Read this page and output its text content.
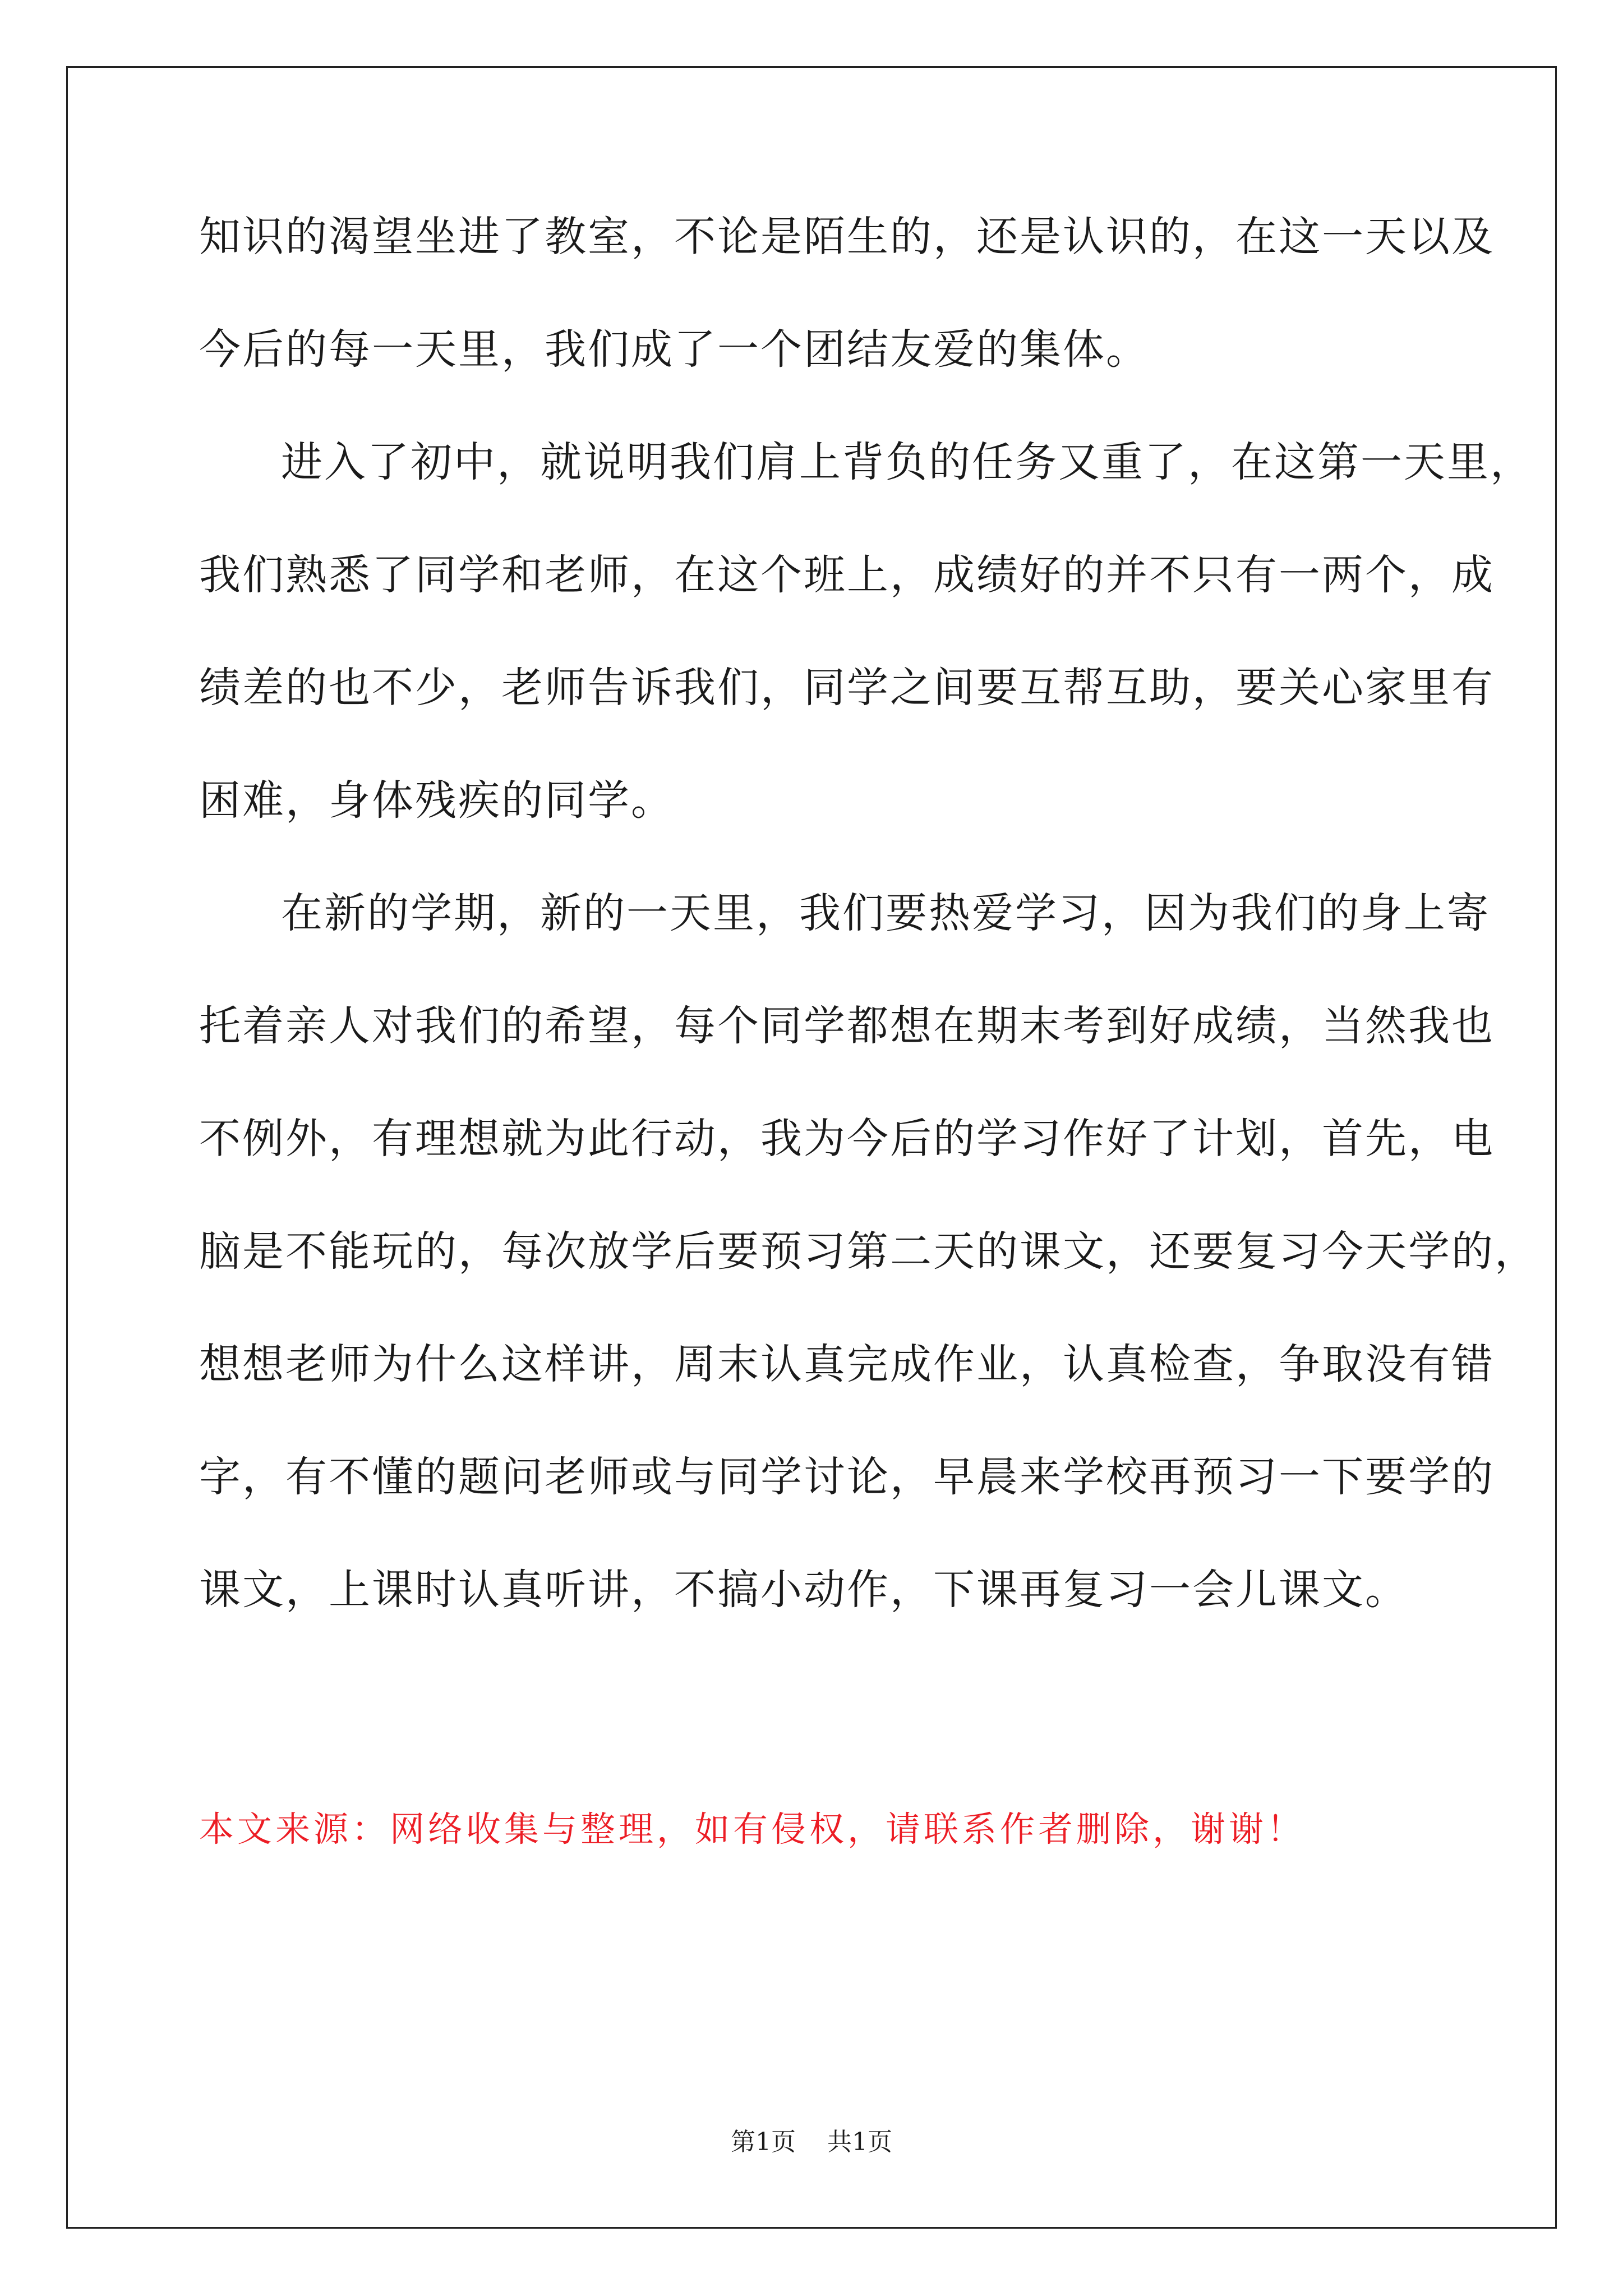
知识的渴望坐进了教室，不论是陌生的，还是认识的，在这一天以及
今后的每一天里，我们成了一个团结友爱的集体。
进入了初中，就说明我们肩上背负的任务又重了，在这第一天里，
我们熟悉了同学和老师，在这个班上，成绩好的并不只有一两个，成
绩差的也不少，老师告诉我们，同学之间要互帮互助，要关心家里有
困难，身体残疾的同学。
在新的学期，新的一天里，我们要热爱学习，因为我们的身上寄
托着亲人对我们的希望，每个同学都想在期末考到好成绩，当然我也
不例外，有理想就为此行动，我为今后的学习作好了计划，首先，电
脑是不能玩的，每次放学后要预习第二天的课文，还要复习今天学的，
想想老师为什么这样讲，周末认真完成作业，认真检查，争取没有错
字，有不懂的题问老师或与同学讨论，早晨来学校再预习一下要学的
课文，上课时认真听讲，不搞小动作，下课再复习一会儿课文。
本文来源：网络收集与整理，如有侵权，请联系作者删除，谢谢！
第1页 共1页
